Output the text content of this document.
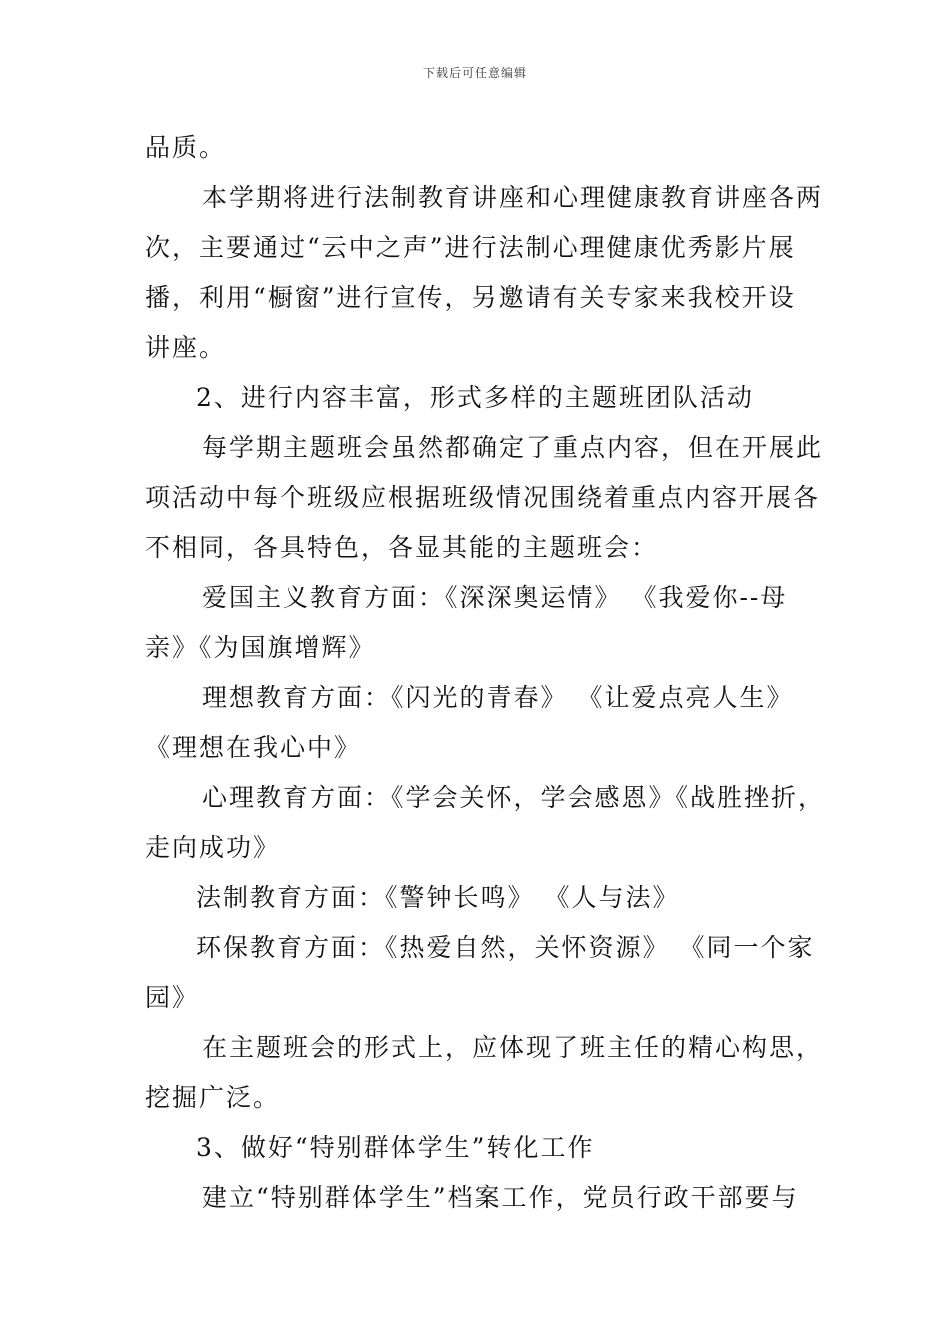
下载后可任意编辑
品质。
本学期将进行法制教育讲座和心理健康教育讲座各两
次，主要通过“云中之声”进行法制心理健康优秀影片展
播，利用“橱窗”进行宣传，另邀请有关专家来我校开设
讲座。
2、进行内容丰富，形式多样的主题班团队活动
每学期主题班会虽然都确定了重点内容，但在开展此
项活动中每个班级应根据班级情况围绕着重点内容开展各
不相同，各具特色，各显其能的主题班会：
爱国主义教育方面：《深深奥运情》 《我爱你--母
亲》《为国旗增辉》
理想教育方面：《闪光的青春》 《让爱点亮人生》
《理想在我心中》
心理教育方面：《学会关怀，学会感恩》《战胜挫折，
走向成功》
法制教育方面：《警钟长鸣》 《人与法》
环保教育方面：《热爱自然，关怀资源》 《同一个家
园》
在主题班会的形式上，应体现了班主任的精心构思，
挖掘广泛。
3、做好“特别群体学生”转化工作
建立“特别群体学生”档案工作，党员行政干部要与
